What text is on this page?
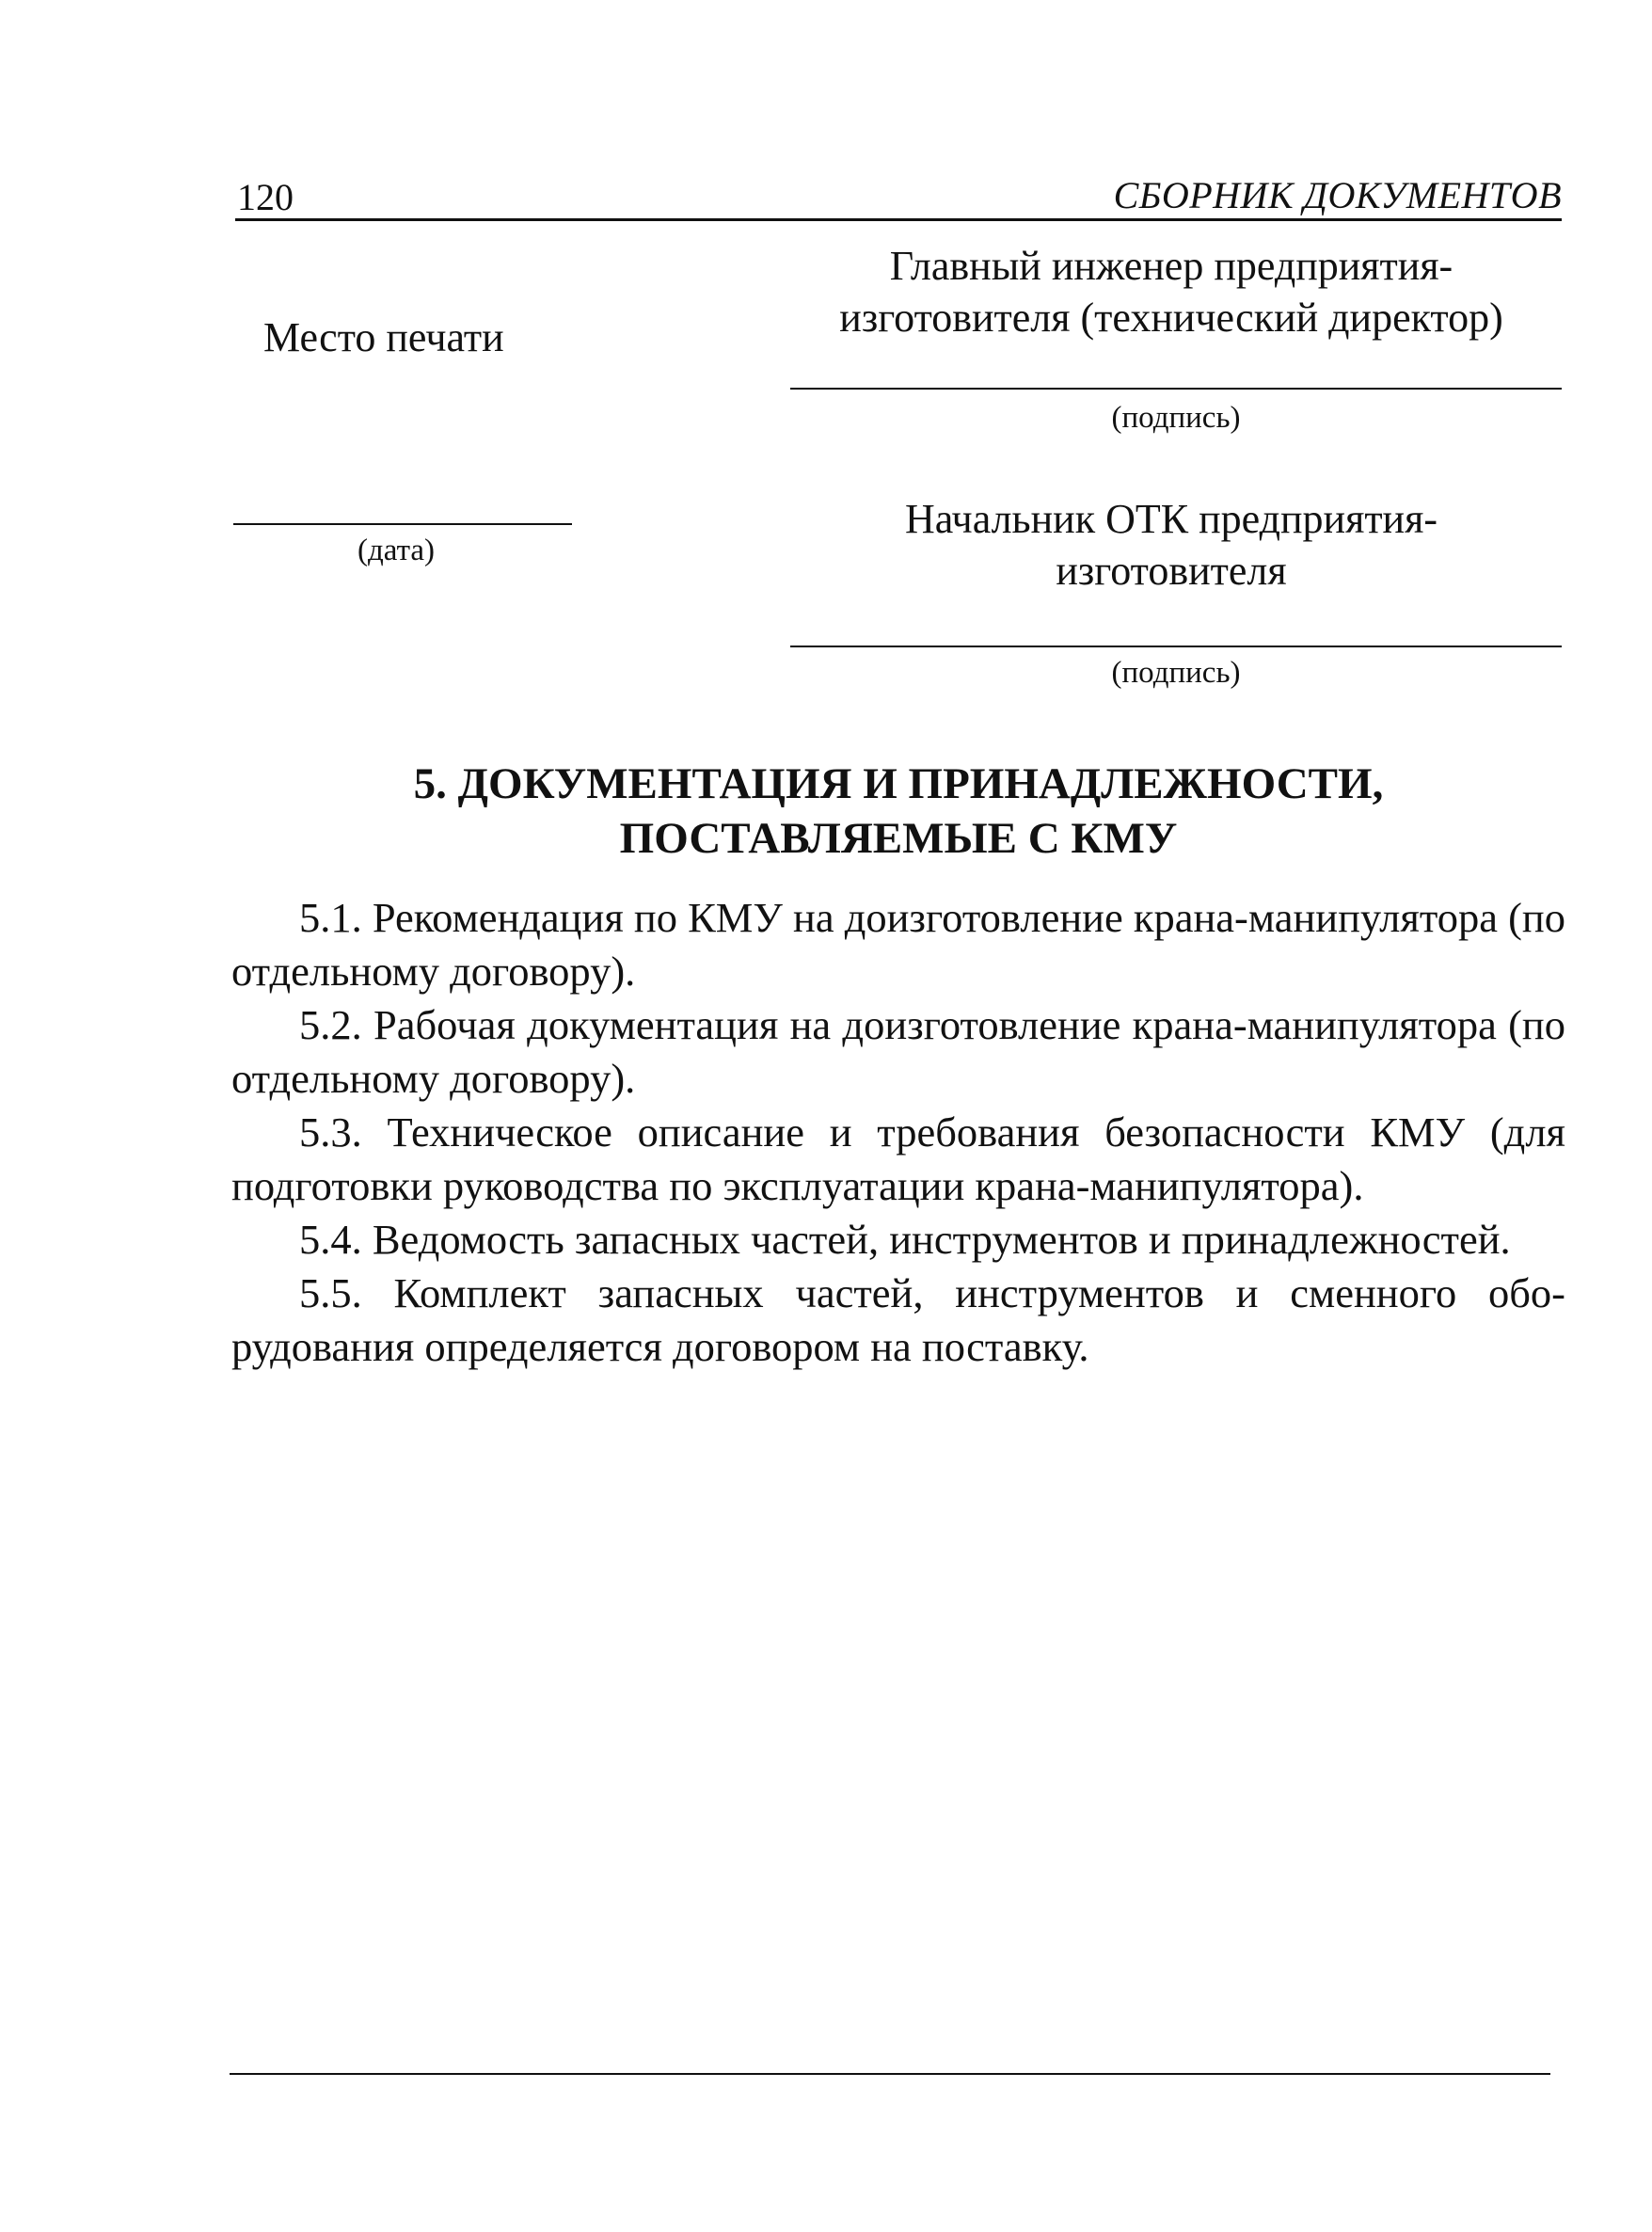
120	СБОРНИК ДОКУМЕНТОВ
Место печати
(дата)
Главный инженер предприятия-
изготовителя (технический директор)
(подпись)
Начальник ОТК предприятия-
изготовителя
(подпись)
5. ДОКУМЕНТАЦИЯ И ПРИНАДЛЕЖНОСТИ,
ПОСТАВЛЯЕМЫЕ С КМУ

5.1. Рекомендация по КМУ на доизготовление крана-манипулятора (по отдельному договору).

5.2. Рабочая документация на доизготовление крана-манипулятора (по отдельному договору).

5.3. Техническое описание и требования безопасности КМУ (для подготовки руководства по эксплуатации крана-манипулятора).

5.4. Ведомость запасных частей, инструментов и принадлежностей.

5.5. Комплект запасных частей, инструментов и сменного оборудования определяется договором на поставку.
